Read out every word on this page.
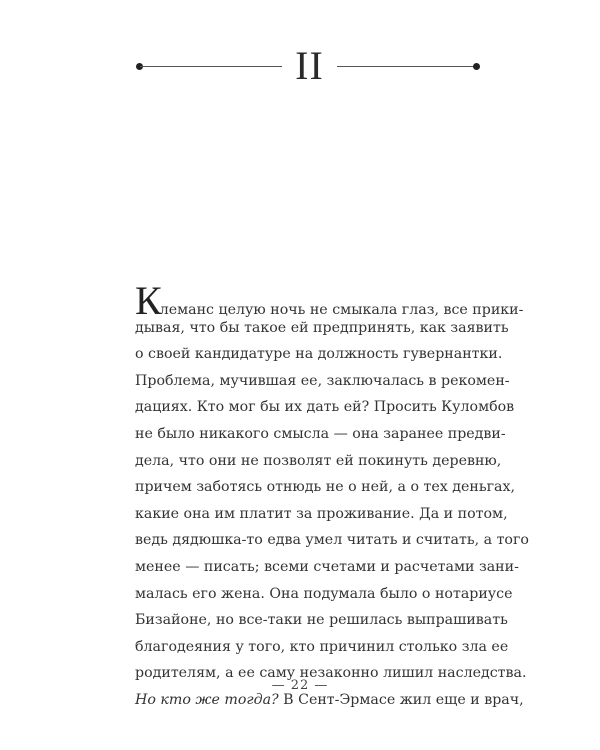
II
Клeманс целую ночь не смыкала глаз, все прики-
дывая, что бы такое ей предпринять, как заявить
о своей кандидатуре на должность гувернантки.
Проблема, мучившая ее, заключалась в рекомен-
дациях. Кто мог бы их дать ей? Просить Куломбов
не было никакого смысла — она заранее предви-
дела, что они не позволят ей покинуть деревню,
причем заботясь отнюдь не о ней, а о тех деньгах,
какие она им платит за проживание. Да и потом,
ведь дядюшка-то едва умел читать и считать, а того
менее — писать; всеми счетами и расчетами зани-
малась его жена. Она подумала было о нотариусе
Бизайоне, но все-таки не решилась выпрашивать
благодеяния у того, кто причинил столько зла ее
родителям, а ее саму незаконно лишил наследства.
Но кто же тогда? В Сент-Эрмасе жил еще и врач,
— 22 —
